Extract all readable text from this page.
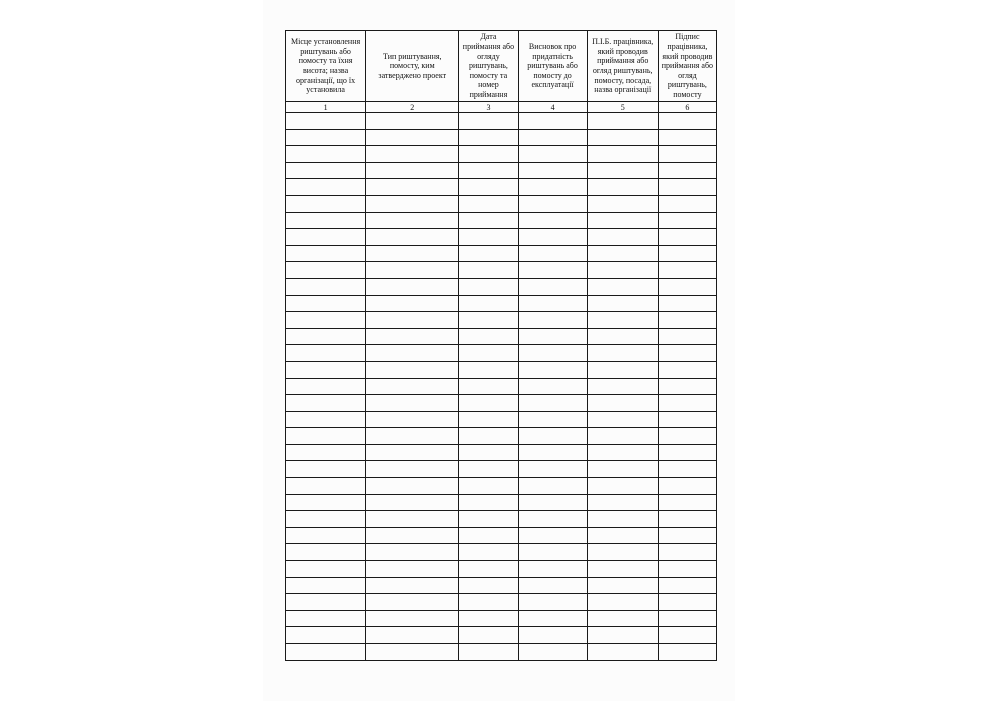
Місце установлення риштувань або помосту та їхня висота; назва організації, що їх установила	Тип риштування, помосту, ким затверджено проект	Дата приймання або огляду риштувань, помосту та номер приймання	Висновок про придатність риштувань або помосту до експлуатації	П.І.Б. працівника, який проводив приймання або огляд риштувань, помосту, посада, назва організації	Підпис працівника, який проводив приймання або огляд риштувань, помосту
1	2	3	4	5	6
